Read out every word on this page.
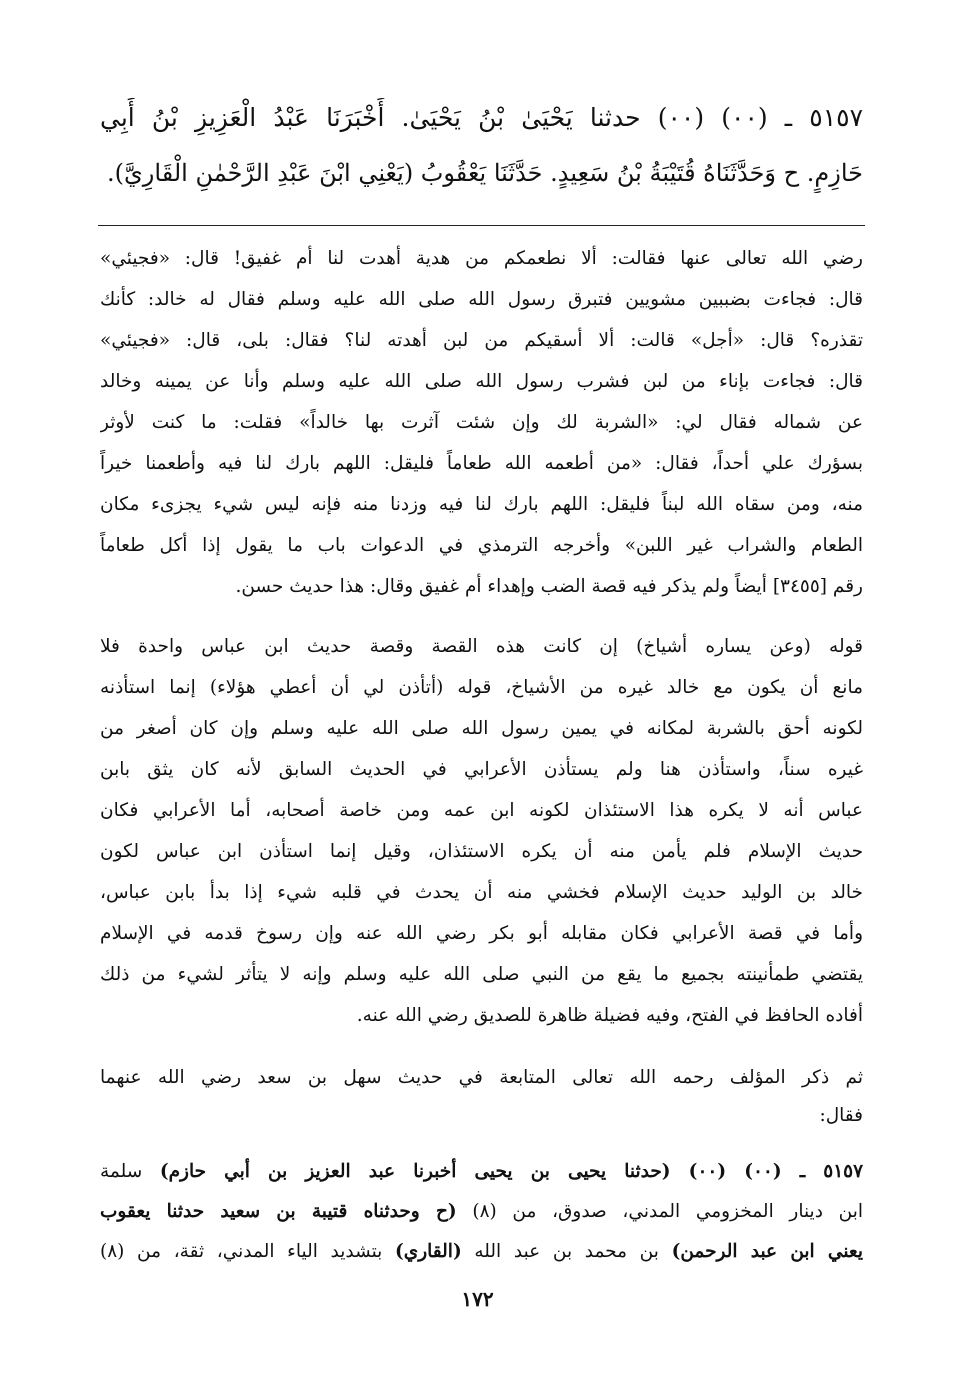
٥١٥٧ ـ (٠٠) (٠٠) حدثنا يَحْيَىٰ بْنُ يَحْيَىٰ. أَخْبَرَنَا عَبْدُ الْعَزِيزِ بْنُ أَبِي
حَازِمٍ. ح وَحَدَّثَنَاهُ قُتَيْبَةُ بْنُ سَعِيدٍ. حَدَّثَنَا يَعْقُوبُ (يَعْنِي ابْنَ عَبْدِ الرَّحْمٰنِ الْقَارِيَّ).
رضي الله تعالى عنها فقالت: ألا نطعمكم من هدية أهدت لنا أم غفيق! قال: «فجيئي»
قال: فجاءت بضببين مشويين فتبرق رسول الله صلى الله عليه وسلم فقال له خالد: كأنك
تقذره؟ قال: «أجل» قالت: ألا أسقيكم من لبن أهدته لنا؟ فقال: بلى، قال: «فجيئي»
قال: فجاءت بإناء من لبن فشرب رسول الله صلى الله عليه وسلم وأنا عن يمينه وخالد
عن شماله فقال لي: «الشربة لك وإن شئت آثرت بها خالداً» فقلت: ما كنت لأوثر
بسؤرك علي أحداً، فقال: «من أطعمه الله طعاماً فليقل: اللهم بارك لنا فيه وأطعمنا خيراً
منه، ومن سقاه الله لبناً فليقل: اللهم بارك لنا فيه وزدنا منه فإنه ليس شيء يجزىء مكان
الطعام والشراب غير اللبن» وأخرجه الترمذي في الدعوات باب ما يقول إذا أكل طعاماً
رقم [٣٤٥٥] أيضاً ولم يذكر فيه قصة الضب وإهداء أم غفيق وقال: هذا حديث حسن.
قوله (وعن يساره أشياخ) إن كانت هذه القصة وقصة حديث ابن عباس واحدة فلا
مانع أن يكون مع خالد غيره من الأشياخ، قوله (أتأذن لي أن أعطي هؤلاء) إنما استأذنه
لكونه أحق بالشربة لمكانه في يمين رسول الله صلى الله عليه وسلم وإن كان أصغر من
غيره سناً، واستأذن هنا ولم يستأذن الأعرابي في الحديث السابق لأنه كان يثق بابن
عباس أنه لا يكره هذا الاستئذان لكونه ابن عمه ومن خاصة أصحابه، أما الأعرابي فكان
حديث الإسلام فلم يأمن منه أن يكره الاستئذان، وقيل إنما استأذن ابن عباس لكون
خالد بن الوليد حديث الإسلام فخشي منه أن يحدث في قلبه شيء إذا بدأ بابن عباس،
وأما في قصة الأعرابي فكان مقابله أبو بكر رضي الله عنه وإن رسوخ قدمه في الإسلام
يقتضي طمأنينته بجميع ما يقع من النبي صلى الله عليه وسلم وإنه لا يتأثر لشيء من ذلك
أفاده الحافظ في الفتح، وفيه فضيلة ظاهرة للصديق رضي الله عنه.
ثم ذكر المؤلف رحمه الله تعالى المتابعة في حديث سهل بن سعد رضي الله عنهما
فقال:
٥١٥٧ ـ (٠٠) (٠٠) (حدثنا يحيى بن يحيى أخبرنا عبد العزيز بن أبي حازم) سلمة
ابن دينار المخزومي المدني، صدوق، من (٨) (ح وحدثناه قتيبة بن سعيد حدثنا يعقوب
يعني ابن عبد الرحمن) بن محمد بن عبد الله (القاري) بتشديد الياء المدني، ثقة، من (٨)
١٧٢
